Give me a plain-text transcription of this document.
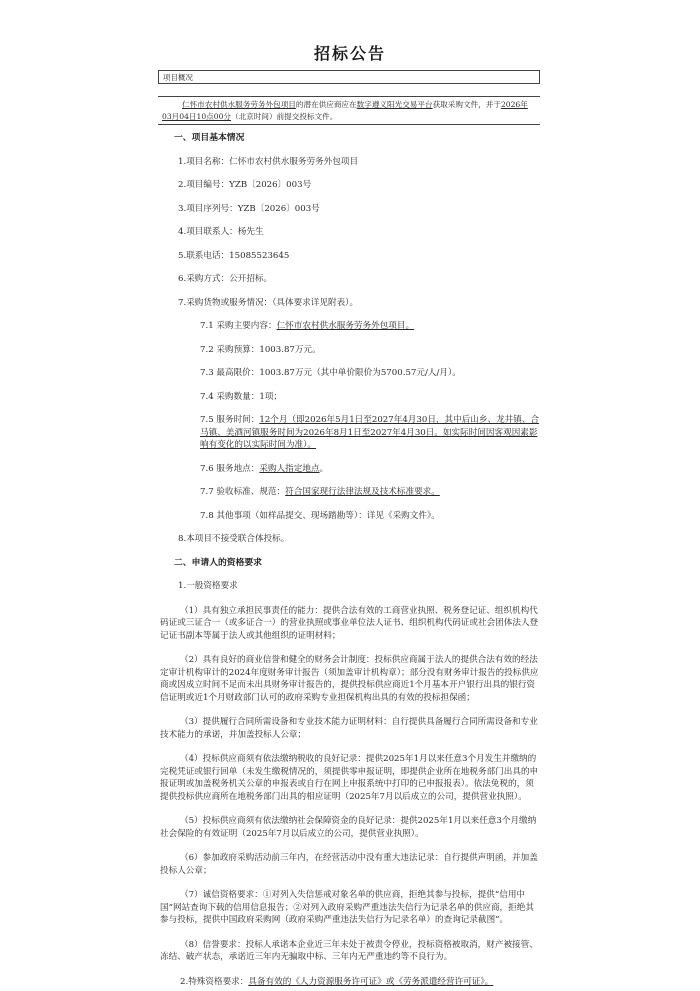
招标公告
项目概况
仁怀市农村供水服务劳务外包项目的潜在供应商应在数字遵义阳光交易平台获取采购文件，并于2026年03月04日10点00分（北京时间）前提交投标文件。
一、项目基本情况
1.项目名称：仁怀市农村供水服务劳务外包项目
2.项目编号：YZB〔2026〕003号
3.项目序列号：YZB〔2026〕003号
4.项目联系人：杨先生
5.联系电话：15085523645
6.采购方式：公开招标。
7.采购货物或服务情况：（具体要求详见附表）。
7.1 采购主要内容：仁怀市农村供水服务劳务外包项目。
7.2 采购预算：1003.87万元。
7.3 最高限价：1003.87万元（其中单价限价为5700.57元/人/月）。
7.4 采购数量：1项；
7.5 服务时间：12个月（即2026年5月1日至2027年4月30日，其中后山乡、龙井镇、合马镇、美酒河镇服务时间为2026年8月1日至2027年4月30日。如实际时间因客观因素影响有变化的以实际时间为准）。
7.6 服务地点：采购人指定地点。
7.7 验收标准、规范：符合国家现行法律法规及技术标准要求。
7.8 其他事项（如样品提交、现场踏勘等）：详见《采购文件》。
8.本项目不接受联合体投标。
二、申请人的资格要求
1.一般资格要求
（1）具有独立承担民事责任的能力：提供合法有效的工商营业执照、税务登记证、组织机构代码证或三证合一（或多证合一）的营业执照或事业单位法人证书、组织机构代码证或社会团体法人登记证书副本等属于法人或其他组织的证明材料；
（2）具有良好的商业信誉和健全的财务会计制度：投标供应商属于法人的提供合法有效的经法定审计机构审计的2024年度财务审计报告（须加盖审计机构章）；部分没有财务审计报告的投标供应商或因成立时间不足而未出具财务审计报告的，提供投标供应商近1个月基本开户银行出具的银行资信证明或近1个月财政部门认可的政府采购专业担保机构出具的有效的投标担保函；
（3）提供履行合同所需设备和专业技术能力证明材料：自行提供具备履行合同所需设备和专业技术能力的承诺，并加盖投标人公章；
（4）投标供应商须有依法缴纳税收的良好记录：提供2025年1月以来任意3个月发生并缴纳的完税凭证或银行回单（未发生缴税情况的，须提供零申报证明，即提供企业所在地税务部门出具的申报证明或加盖税务机关公章的申报表或自行在网上申报系统中打印的已申报报表）。依法免税的，须提供投标供应商所在地税务部门出具的相应证明（2025年7月以后成立的公司，提供营业执照）。
（5）投标供应商须有依法缴纳社会保障资金的良好记录：提供2025年1月以来任意3个月缴纳社会保险的有效证明（2025年7月以后成立的公司，提供营业执照）。
（6）参加政府采购活动前三年内，在经营活动中没有重大违法记录：自行提供声明函，并加盖投标人公章；
（7）诚信资格要求：①对列入失信惩戒对象名单的供应商，拒绝其参与投标，提供“信用中国”网站查询下载的信用信息报告；②对列入政府采购严重违法失信行为记录名单的供应商，拒绝其参与投标，提供中国政府采购网（政府采购严重违法失信行为记录名单）的查询记录截图”。
（8）信誉要求：投标人承诺本企业近三年未处于被责令停业，投标资格被取消，财产被接管、冻结、破产状态，承诺近三年内无骗取中标、三年内无严重违约等不良行为。
2.特殊资格要求：具备有效的《人力资源服务许可证》或《劳务派遣经营许可证》。
